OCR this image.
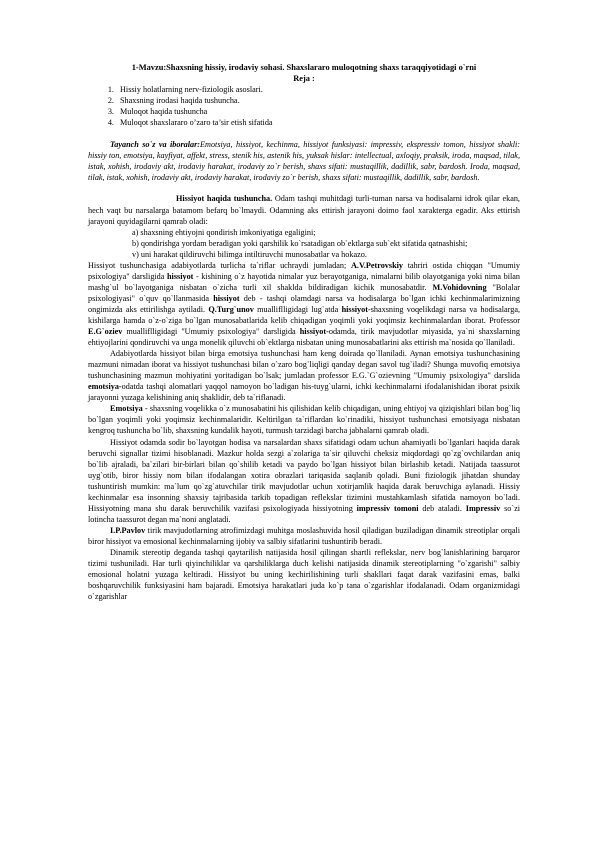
1-Mavzu:Shaxsning hissiy, irodaviy sohasi. Shaxslararo muloqotning shaxs taraqqiyotidagi o`rni

Reja :

1. Hissiy holatlarning nerv-fiziologik asoslari.
2. Shaxsning irodasi haqida tushuncha.
3. Muloqot haqida tushuncha
4. Muloqot shaxslararo o’zaro ta’sir etish sifatida

Tayanch so`z va iboralar:Emotsiya, hissiyot, kechinma, hissiyot funksiyasi: impressiv, ekspressiv tomon, hissiyot shakli: hissiy ton, emotsiya, kayfiyat, affekt, stress, stenik his, astenik his, yuksak hislar: intellectual, axloqiy, praksik, iroda, maqsad, tilak, istak, xohish, irodaviy akt, irodaviy harakat, irodaviy zo`r berish, shaxs sifati: mustaqillik, dadillik, sabr, bardosh. Iroda, maqsad, tilak, istak, xohish, irodaviy akt, irodaviy harakat, irodaviy zo`r berish, shaxs sifati: mustaqillik, dadillik, sabr, bardosh.

Hissiyot haqida tushuncha. Odam tashqi muhitdagi turli-tuman narsa va hodisalarni idrok qilar ekan, hech vaqt bu narsalarga batamom befarq bo`lmaydi. Odamning aks ettirish jarayoni doimo faol xarakterga egadir. Aks ettirish jarayoni quyidagilarni qamrab oladi:

a) shaxsning ehtiyojni qondirish imkoniyatiga egaligini;

b) qondirishga yordam beradigan yoki qarshilik ko`rsatadigan ob`ektlarga sub`ekt sifatida qatnashishi;

v) uni harakat qildiruvchi bilimga intiltiruvchi munosabatlar va hokazo.

Hissiyot tushunchasiga adabiyotlarda turlicha ta`riflar uchraydi jumladan; A.V.Petrovskiy tahriri ostida chiqqan "Umumiy psixologiya" darsligida hissiyot - kishining o`z hayotida nimalar yuz berayotganiga, nimalarni bilib olayotganiga yoki nima bilan mashg`ul bo`layotganiga nisbatan o`zicha turli xil shaklda bildiradigan kichik munosabatdir. M.Vohidovning "Bolalar psixologiyasi" o`quv qo`llanmasida hissiyot deb - tashqi olamdagi narsa va hodisalarga bo`lgan ichki kechinmalarimizning ongimizda aks ettirilishga aytiladi. Q.Turg`unov mualliflligidagi lug`atda hissiyot-shaxsning voqelikdagi narsa va hodisalarga, kishilarga hamda o`z-o`ziga bo`lgan munosabatlarida kelib chiqadigan yoqimli yoki yoqimsiz kechinmalardan iborat. Professor E.G`oziev mualliflligidagi "Umumiy psixologiya" darsligida hissiyot-odamda, tirik mavjudotlar miyasida, ya`ni shaxslarning ehtiyojlarini qondiruvchi va unga monelik qiluvchi ob`ektlarga nisbatan uning munosabatlarini aks ettirish ma`nosida qo`llaniladi.

Adabiyotlarda hissiyot bilan birga emotsiya tushunchasi ham keng doirada qo`llaniladi. Aynan emotsiya tushunchasining mazmuni nimadan iborat va hissiyot tushunchasi bilan o`zaro bog`liqligi qanday degan savol tug`iladi? Shunga muvofiq emotsiya tushunchasining mazmun mohiyatini yoritadigan bo`lsak; jumladan professor E.G.`G`ozievning "Umumiy psixologiya" darslida emotsiya-odatda tashqi alomatlari yaqqol namoyon bo`ladigan his-tuyg`ularni, ichki kechinmalarni ifodalanishidan iborat psixik jarayonni yuzaga kelishining aniq shaklidir, deb ta`riflanadi.

Emotsiya - shaxsning voqelikka o`z munosabatini his qilishidan kelib chiqadigan, uning ehtiyoj va qiziqishlari bilan bog`liq bo`lgan yoqimli yoki yoqimsiz kechinmalaridir. Keltirilgan ta`riflardan ko`rinadiki, hissiyot tushunchasi emotsiyaga nisbatan kengroq tushuncha bo`lib, shaxsning kundalik hayoti, turmush tarzidagi barcha jabhalarni qamrab oladi.

Hissiyot odamda sodir bo`layotgan hodisa va narsalardan shaxs sifatidagi odam uchun ahamiyatli bo`lganlari haqida darak beruvchi signallar tizimi hisoblanadi. Mazkur holda sezgi a`zolariga ta`sir qiluvchi cheksiz miqdordagi qo`zg`ovchilardan aniq bo`lib ajraladi, ba`zilari bir-birlari bilan qo`shilib ketadi va paydo bo`lgan hissiyot bilan birlashib ketadi. Natijada taassurot uyg`otib, biror hissiy nom bilan ifodalangan xotira obrazlari tariqasida saqlanib qoladi. Buni fiziologik jihatdan shunday tushuntirish mumkin: ma`lum qo`zg`atuvchilar tirik mavjudotlar uchun xotirjamlik haqida darak beruvchiga aylanadi. Hissiy kechinmalar esa insonning shaxsiy tajribasida tarkib topadigan reflekslar tizimini mustahkamlash sifatida namoyon bo`ladi. Hissiyotning mana shu darak beruvchilik vazifasi psixologiyada hissiyotning impressiv tomoni deb ataladi. Impressiv so`zi lotincha taassurot degan ma`noni anglatadi.

I.P.Pavlov tirik mavjudotlarning atrofimizdagi muhitga moslashuvida hosil qiladigan buziladigan dinamik streotiplar orqali biror hissiyot va emosional kechinmalarning ijobiy va salbiy sifatlarini tushuntirib beradi.

Dinamik stereotip deganda tashqi qaytarilish natijasida hosil qilingan shartli reflekslar, nerv bog`lanishlarining barqaror tizimi tushuniladi. Har turli qiyinchiliklar va qarshiliklarga duch kelishi natijasida dinamik stereotiplarning "o`zgarishi" salbiy emosional holatni yuzaga keltiradi. Hissiyot bu uning kechirilishining turli shakllari faqat darak vazifasini emas, balki boshqaruvchilik funksiyasini ham bajaradi. Emotsiya harakatlari juda ko`p tana o`zgarishlar ifodalanadi. Odam organizmidagi o`zgarishlar
